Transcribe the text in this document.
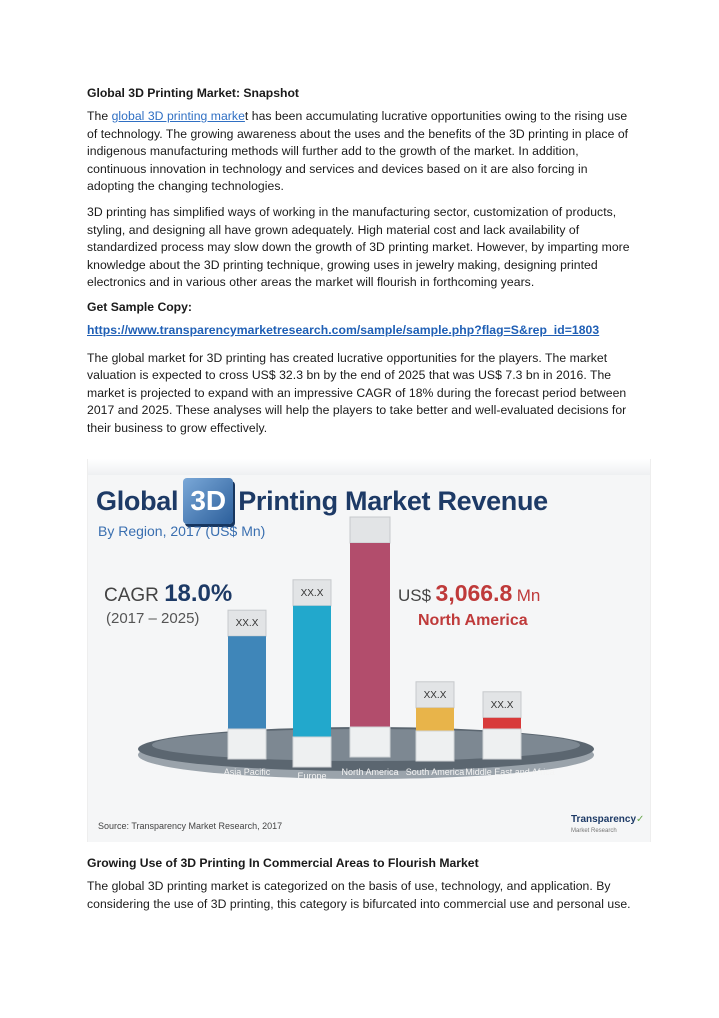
Global 3D Printing Market: Snapshot

The global 3D printing market has been accumulating lucrative opportunities owing to the rising use of technology. The growing awareness about the uses and the benefits of the 3D printing in place of indigenous manufacturing methods will further add to the growth of the market. In addition, continuous innovation in technology and services and devices based on it are also forcing in adopting the changing technologies.

3D printing has simplified ways of working in the manufacturing sector, customization of products, styling, and designing all have grown adequately. High material cost and lack availability of standardized process may slow down the growth of 3D printing market. However, by imparting more knowledge about the 3D printing technique, growing uses in jewelry making, designing printed electronics and in various other areas the market will flourish in forthcoming years.

Get Sample Copy:

https://www.transparencymarketresearch.com/sample/sample.php?flag=S&rep_id=1803

The global market for 3D printing has created lucrative opportunities for the players. The market valuation is expected to cross US$ 32.3 bn by the end of 2025 that was US$ 7.3 bn in 2016. The market is projected to expand with an impressive CAGR of 18% during the forecast period between 2017 and 2025. These analyses will help the players to take better and well-evaluated decisions for their business to grow effectively.

Global 3D Printing Market Revenue
By Region, 2017 (US$ Mn)
CAGR 18.0%
(2017 – 2025)
US$ 3,066.8 Mn
North America
XX.X
Asia Pacific
XX.X
Europe North America
XX.X
South America
XX.X
Middle East and Africa
Source: Transparency Market Research, 2017
Transparency✓
Market Research

Growing Use of 3D Printing In Commercial Areas to Flourish Market

The global 3D printing market is categorized on the basis of use, technology, and application. By considering the use of 3D printing, this category is bifurcated into commercial use and personal use.
